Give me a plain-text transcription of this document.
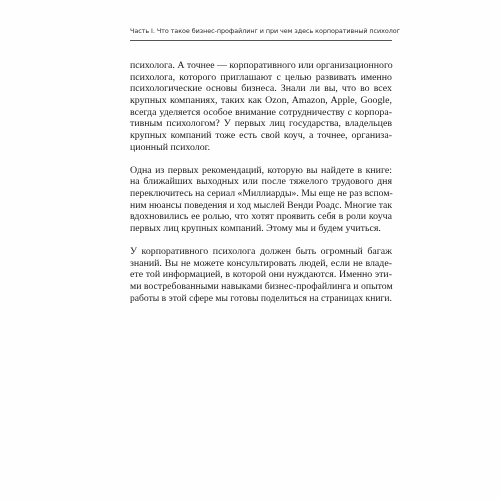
Часть I. Что такое бизнес-профайлинг и при чем здесь корпоративный психолог

психолога. А точнее — корпоративного или организационного
психолога, которого приглашают с целью развивать именно
психологические основы бизнеса. Знали ли вы, что во всех
крупных компаниях, таких как Ozon, Amazon, Apple, Google,
всегда уделяется особое внимание сотрудничеству с корпора-
тивным психологом? У первых лиц государства, владельцев
крупных компаний тоже есть свой коуч, а точнее, организа-
ционный психолог.

Одна из первых рекомендаций, которую вы найдете в книге:
на ближайших выходных или после тяжелого трудового дня
переключитесь на сериал «Миллиарды». Мы еще не раз вспом-
ним нюансы поведения и ход мыслей Венди Роадс. Многие так
вдохновились ее ролью, что хотят проявить себя в роли коуча
первых лиц крупных компаний. Этому мы и будем учиться.

У корпоративного психолога должен быть огромный багаж
знаний. Вы не можете консультировать людей, если не владе-
ете той информацией, в которой они нуждаются. Именно эти-
ми востребованными навыками бизнес-профайлинга и опытом
работы в этой сфере мы готовы поделиться на страницах книги.
